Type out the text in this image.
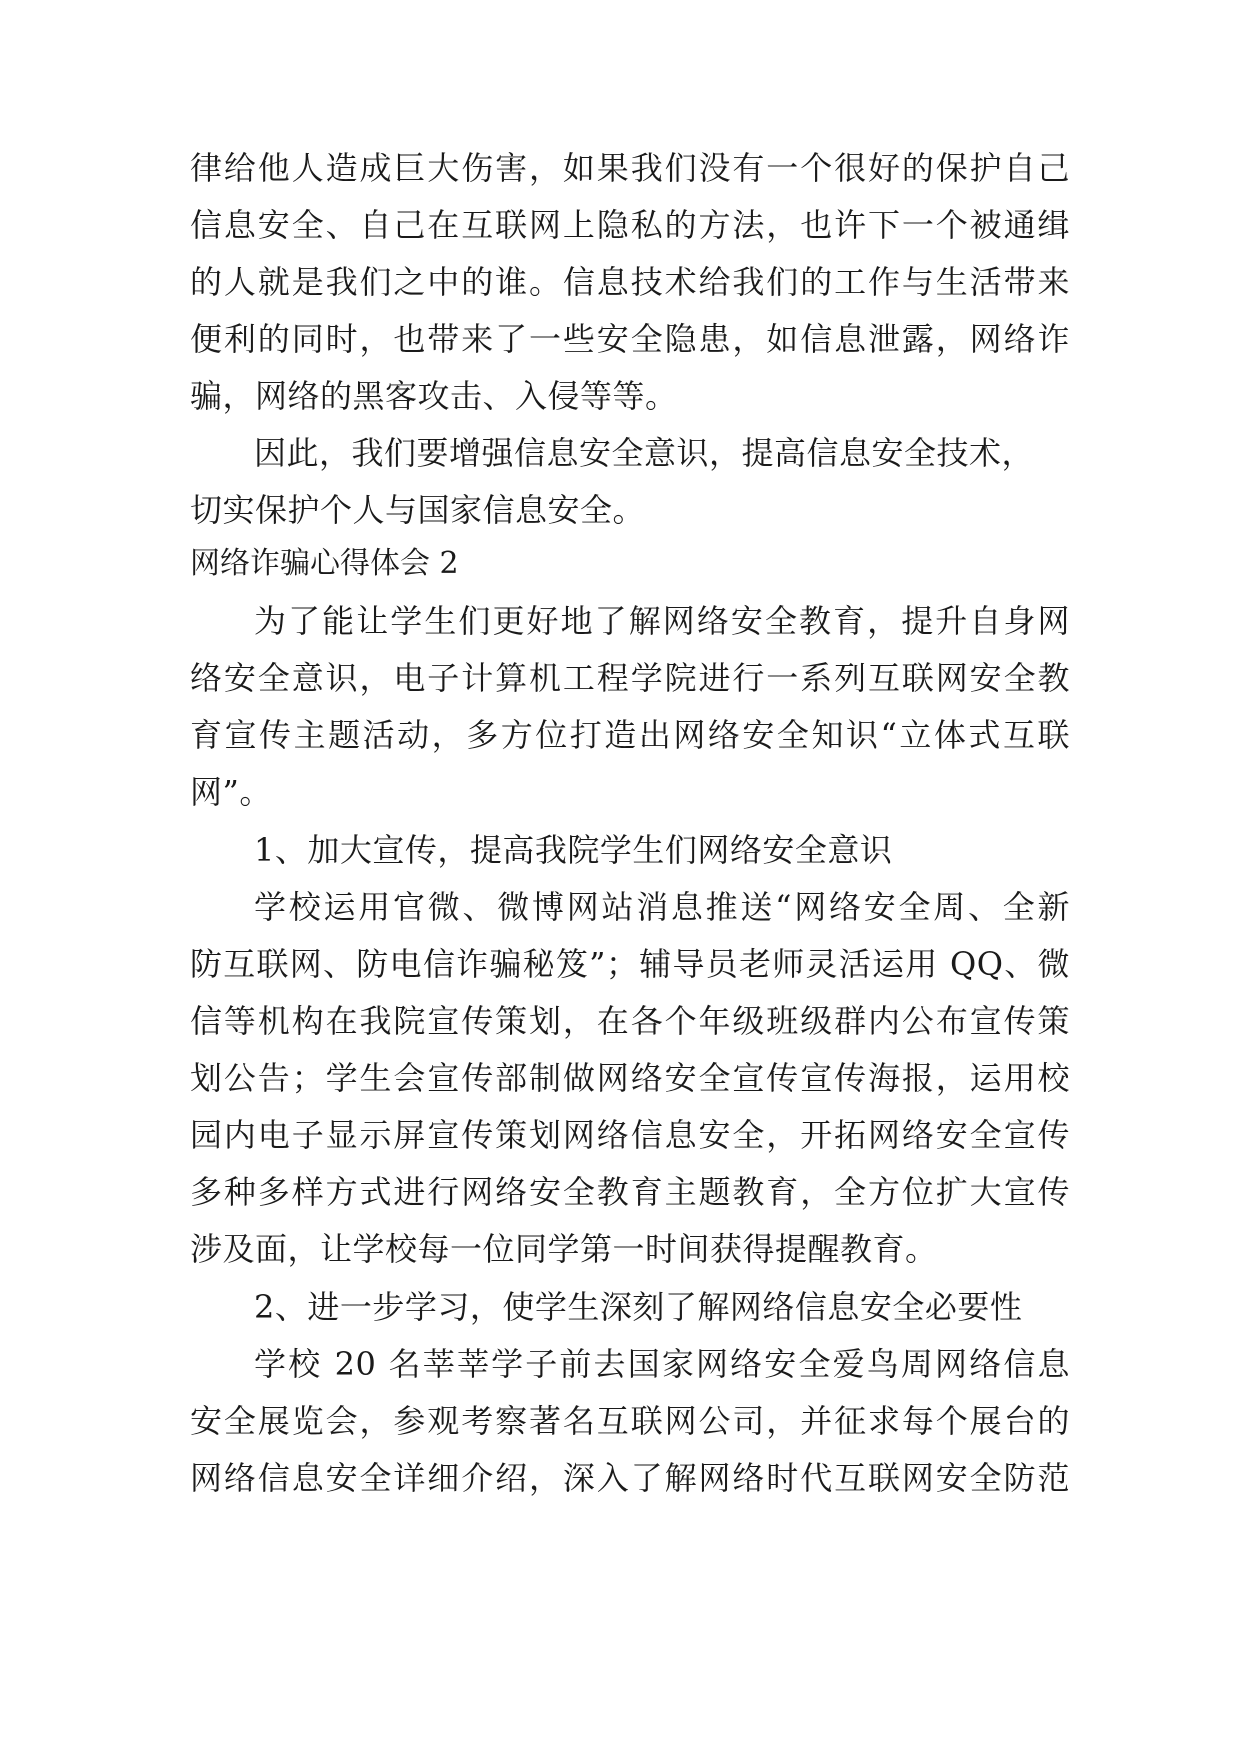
律给他人造成巨大伤害，如果我们没有一个很好的保护自己
信息安全、自己在互联网上隐私的方法，也许下一个被通缉
的人就是我们之中的谁。信息技术给我们的工作与生活带来
便利的同时，也带来了一些安全隐患，如信息泄露，网络诈
骗，网络的黑客攻击、入侵等等。
因此，我们要增强信息安全意识，提高信息安全技术，
切实保护个人与国家信息安全。
网络诈骗心得体会 2
为了能让学生们更好地了解网络安全教育，提升自身网
络安全意识，电子计算机工程学院进行一系列互联网安全教
育宣传主题活动，多方位打造出网络安全知识“立体式互联
网”。
1、加大宣传，提高我院学生们网络安全意识
学校运用官微、微博网站消息推送“网络安全周、全新
防互联网、防电信诈骗秘笈”；辅导员老师灵活运用 QQ、微
信等机构在我院宣传策划，在各个年级班级群内公布宣传策
划公告；学生会宣传部制做网络安全宣传宣传海报，运用校
园内电子显示屏宣传策划网络信息安全，开拓网络安全宣传
多种多样方式进行网络安全教育主题教育，全方位扩大宣传
涉及面，让学校每一位同学第一时间获得提醒教育。
2、进一步学习，使学生深刻了解网络信息安全必要性
学校 20 名莘莘学子前去国家网络安全爱鸟周网络信息
安全展览会，参观考察著名互联网公司，并征求每个展台的
网络信息安全详细介绍，深入了解网络时代互联网安全防范
